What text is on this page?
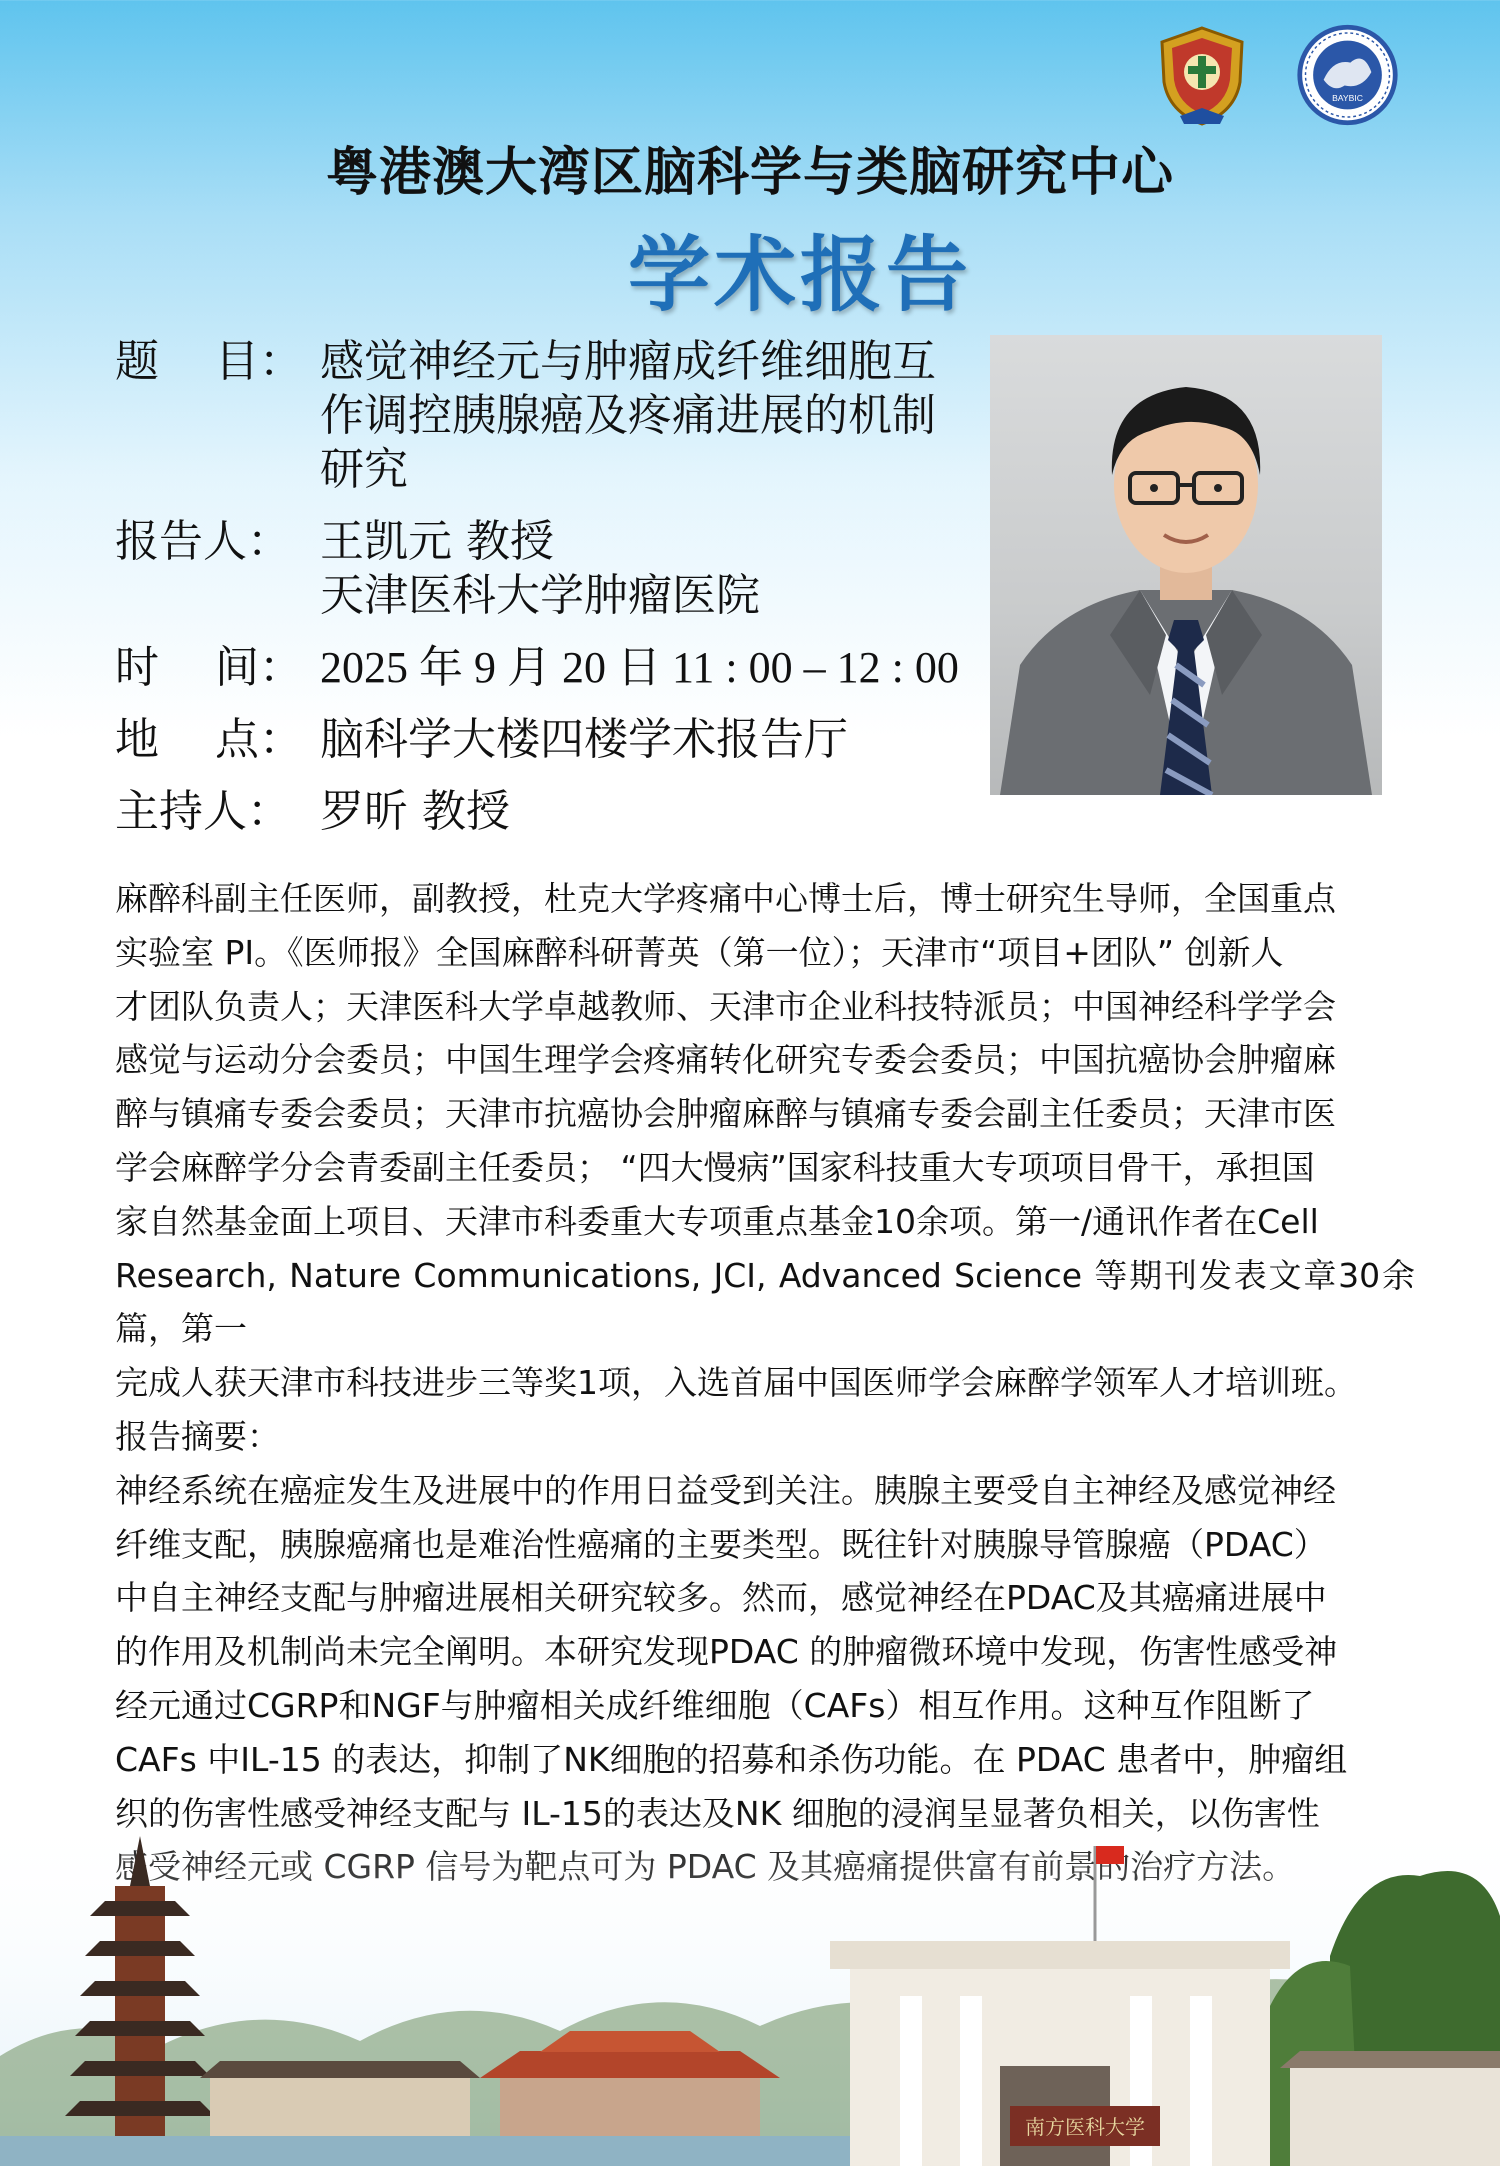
BAYBIC
粤港澳大湾区脑科学与类脑研究中心
学术报告
题    目： 感觉神经元与肿瘤成纤维细胞互
作调控胰腺癌及疼痛进展的机制
研究
报告人： 王凯元 教授
天津医科大学肿瘤医院
时    间： 2025 年 9 月 20 日 11 : 00 – 12 : 00
地    点： 脑科学大楼四楼学术报告厅
主持人： 罗昕 教授

麻醉科副主任医师，副教授，杜克大学疼痛中心博士后，博士研究生导师，全国重点

实验室 PI。《医师报》全国麻醉科研菁英（第一位）；天津市“项目+团队” 创新人

才团队负责人；天津医科大学卓越教师、天津市企业科技特派员；中国神经科学学会

感觉与运动分会委员；中国生理学会疼痛转化研究专委会委员；中国抗癌协会肿瘤麻

醉与镇痛专委会委员；天津市抗癌协会肿瘤麻醉与镇痛专委会副主任委员；天津市医

学会麻醉学分会青委副主任委员； “四大慢病”国家科技重大专项项目骨干，承担国

家自然基金面上项目、天津市科委重大专项重点基金10余项。第一/通讯作者在Cell

Research, Nature Communications, JCI, Advanced Science 等期刊发表文章30余篇，第一

完成人获天津市科技进步三等奖1项，入选首届中国医师学会麻醉学领军人才培训班。

报告摘要：

神经系统在癌症发生及进展中的作用日益受到关注。胰腺主要受自主神经及感觉神经

纤维支配，胰腺癌痛也是难治性癌痛的主要类型。既往针对胰腺导管腺癌（PDAC）

中自主神经支配与肿瘤进展相关研究较多。然而，感觉神经在PDAC及其癌痛进展中

的作用及机制尚未完全阐明。本研究发现PDAC 的肿瘤微环境中发现，伤害性感受神

经元通过CGRP和NGF与肿瘤相关成纤维细胞（CAFs）相互作用。这种互作阻断了

CAFs 中IL-15 的表达，抑制了NK细胞的招募和杀伤功能。在 PDAC 患者中，肿瘤组

南方医科大学
